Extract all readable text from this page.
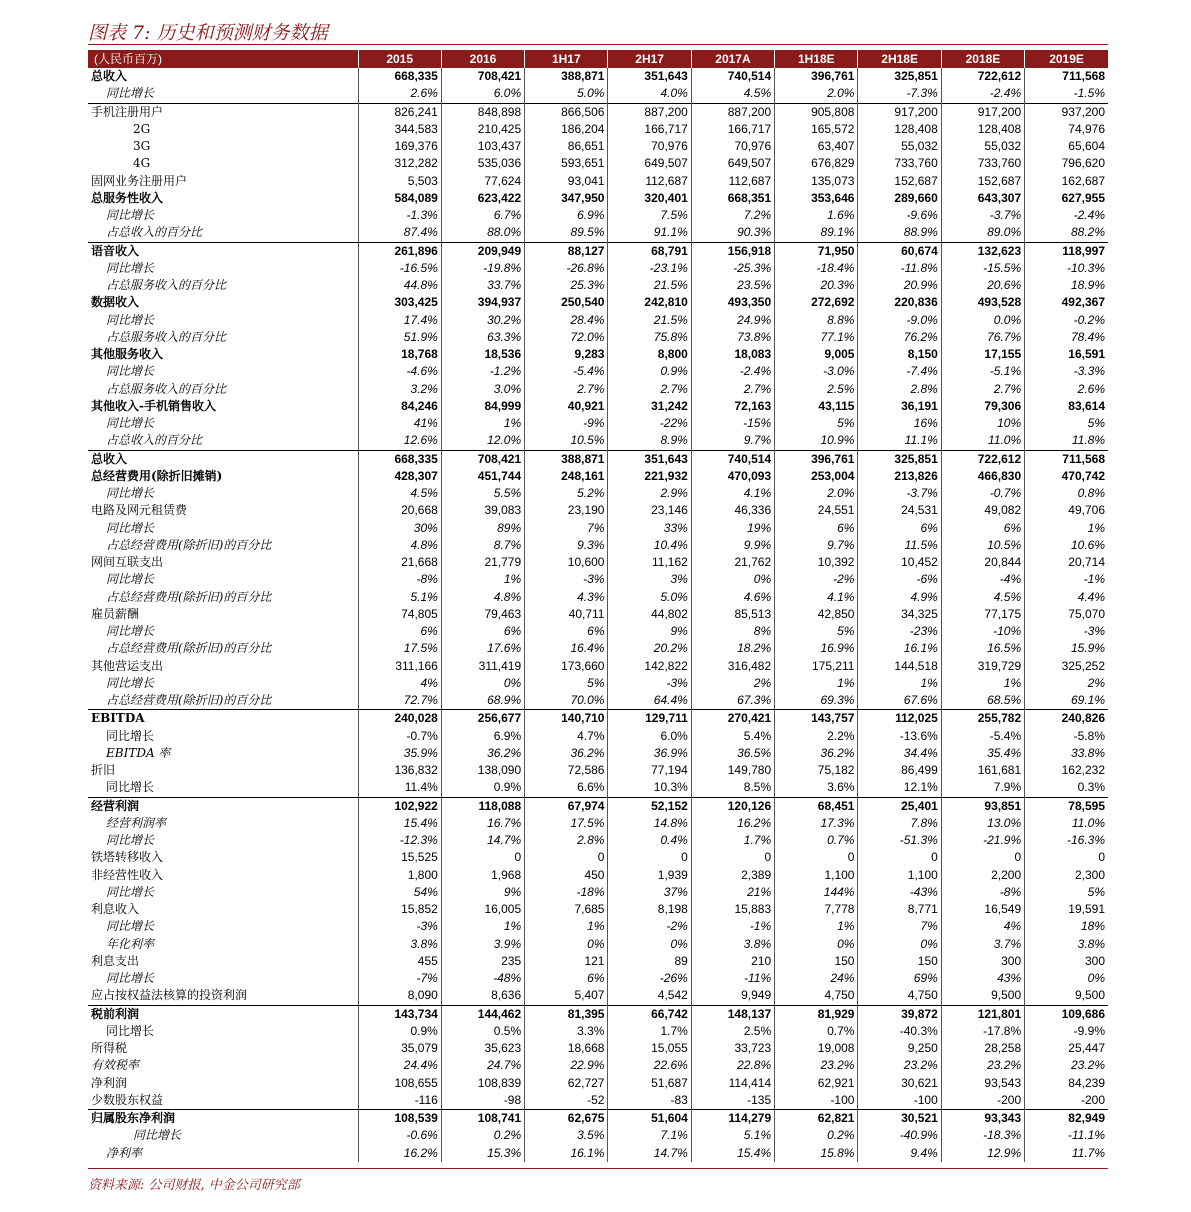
图表 7: 历史和预测财务数据
(人民币百万)	2015	2016	1H17	2H17	2017A	1H18E	2H18E	2018E	2019E
总收入	668,335	708,421	388,871	351,643	740,514	396,761	325,851	722,612	711,568
同比增长	2.6%	6.0%	5.0%	4.0%	4.5%	2.0%	-7.3%	-2.4%	-1.5%
手机注册用户	826,241	848,898	866,506	887,200	887,200	905,808	917,200	917,200	937,200
2G	344,583	210,425	186,204	166,717	166,717	165,572	128,408	128,408	74,976
3G	169,376	103,437	86,651	70,976	70,976	63,407	55,032	55,032	65,604
4G	312,282	535,036	593,651	649,507	649,507	676,829	733,760	733,760	796,620
固网业务注册用户	5,503	77,624	93,041	112,687	112,687	135,073	152,687	152,687	162,687
总服务性收入	584,089	623,422	347,950	320,401	668,351	353,646	289,660	643,307	627,955
同比增长	-1.3%	6.7%	6.9%	7.5%	7.2%	1.6%	-9.6%	-3.7%	-2.4%
占总收入的百分比	87.4%	88.0%	89.5%	91.1%	90.3%	89.1%	88.9%	89.0%	88.2%
语音收入	261,896	209,949	88,127	68,791	156,918	71,950	60,674	132,623	118,997
同比增长	-16.5%	-19.8%	-26.8%	-23.1%	-25.3%	-18.4%	-11.8%	-15.5%	-10.3%
占总服务收入的百分比	44.8%	33.7%	25.3%	21.5%	23.5%	20.3%	20.9%	20.6%	18.9%
数据收入	303,425	394,937	250,540	242,810	493,350	272,692	220,836	493,528	492,367
同比增长	17.4%	30.2%	28.4%	21.5%	24.9%	8.8%	-9.0%	0.0%	-0.2%
占总服务收入的百分比	51.9%	63.3%	72.0%	75.8%	73.8%	77.1%	76.2%	76.7%	78.4%
其他服务收入	18,768	18,536	9,283	8,800	18,083	9,005	8,150	17,155	16,591
同比增长	-4.6%	-1.2%	-5.4%	0.9%	-2.4%	-3.0%	-7.4%	-5.1%	-3.3%
占总服务收入的百分比	3.2%	3.0%	2.7%	2.7%	2.7%	2.5%	2.8%	2.7%	2.6%
其他收入-手机销售收入	84,246	84,999	40,921	31,242	72,163	43,115	36,191	79,306	83,614
同比增长	41%	1%	-9%	-22%	-15%	5%	16%	10%	5%
占总收入的百分比	12.6%	12.0%	10.5%	8.9%	9.7%	10.9%	11.1%	11.0%	11.8%
总收入	668,335	708,421	388,871	351,643	740,514	396,761	325,851	722,612	711,568
总经营费用(除折旧摊销)	428,307	451,744	248,161	221,932	470,093	253,004	213,826	466,830	470,742
同比增长	4.5%	5.5%	5.2%	2.9%	4.1%	2.0%	-3.7%	-0.7%	0.8%
电路及网元租赁费	20,668	39,083	23,190	23,146	46,336	24,551	24,531	49,082	49,706
同比增长	30%	89%	7%	33%	19%	6%	6%	6%	1%
占总经营费用(除折旧)的百分比	4.8%	8.7%	9.3%	10.4%	9.9%	9.7%	11.5%	10.5%	10.6%
网间互联支出	21,668	21,779	10,600	11,162	21,762	10,392	10,452	20,844	20,714
同比增长	-8%	1%	-3%	3%	0%	-2%	-6%	-4%	-1%
占总经营费用(除折旧)的百分比	5.1%	4.8%	4.3%	5.0%	4.6%	4.1%	4.9%	4.5%	4.4%
雇员薪酬	74,805	79,463	40,711	44,802	85,513	42,850	34,325	77,175	75,070
同比增长	6%	6%	6%	9%	8%	5%	-23%	-10%	-3%
占总经营费用(除折旧)的百分比	17.5%	17.6%	16.4%	20.2%	18.2%	16.9%	16.1%	16.5%	15.9%
其他营运支出	311,166	311,419	173,660	142,822	316,482	175,211	144,518	319,729	325,252
同比增长	4%	0%	5%	-3%	2%	1%	1%	1%	2%
占总经营费用(除折旧)的百分比	72.7%	68.9%	70.0%	64.4%	67.3%	69.3%	67.6%	68.5%	69.1%
EBITDA	240,028	256,677	140,710	129,711	270,421	143,757	112,025	255,782	240,826
同比增长	-0.7%	6.9%	4.7%	6.0%	5.4%	2.2%	-13.6%	-5.4%	-5.8%
EBITDA 率	35.9%	36.2%	36.2%	36.9%	36.5%	36.2%	34.4%	35.4%	33.8%
折旧	136,832	138,090	72,586	77,194	149,780	75,182	86,499	161,681	162,232
同比增长	11.4%	0.9%	6.6%	10.3%	8.5%	3.6%	12.1%	7.9%	0.3%
经营利润	102,922	118,088	67,974	52,152	120,126	68,451	25,401	93,851	78,595
经营利润率	15.4%	16.7%	17.5%	14.8%	16.2%	17.3%	7.8%	13.0%	11.0%
同比增长	-12.3%	14.7%	2.8%	0.4%	1.7%	0.7%	-51.3%	-21.9%	-16.3%
铁塔转移收入	15,525	0	0	0	0	0	0	0	0
非经营性收入	1,800	1,968	450	1,939	2,389	1,100	1,100	2,200	2,300
同比增长	54%	9%	-18%	37%	21%	144%	-43%	-8%	5%
利息收入	15,852	16,005	7,685	8,198	15,883	7,778	8,771	16,549	19,591
同比增长	-3%	1%	1%	-2%	-1%	1%	7%	4%	18%
年化利率	3.8%	3.9%	0%	0%	3.8%	0%	0%	3.7%	3.8%
利息支出	455	235	121	89	210	150	150	300	300
同比增长	-7%	-48%	6%	-26%	-11%	24%	69%	43%	0%
应占按权益法核算的投资利润	8,090	8,636	5,407	4,542	9,949	4,750	4,750	9,500	9,500
税前利润	143,734	144,462	81,395	66,742	148,137	81,929	39,872	121,801	109,686
同比增长	0.9%	0.5%	3.3%	1.7%	2.5%	0.7%	-40.3%	-17.8%	-9.9%
所得税	35,079	35,623	18,668	15,055	33,723	19,008	9,250	28,258	25,447
有效税率	24.4%	24.7%	22.9%	22.6%	22.8%	23.2%	23.2%	23.2%	23.2%
净利润	108,655	108,839	62,727	51,687	114,414	62,921	30,621	93,543	84,239
少数股东权益	-116	-98	-52	-83	-135	-100	-100	-200	-200
归属股东净利润	108,539	108,741	62,675	51,604	114,279	62,821	30,521	93,343	82,949
同比增长	-0.6%	0.2%	3.5%	7.1%	5.1%	0.2%	-40.9%	-18.3%	-11.1%
净利率	16.2%	15.3%	16.1%	14.7%	15.4%	15.8%	9.4%	12.9%	11.7%
资料来源: 公司财报, 中金公司研究部
